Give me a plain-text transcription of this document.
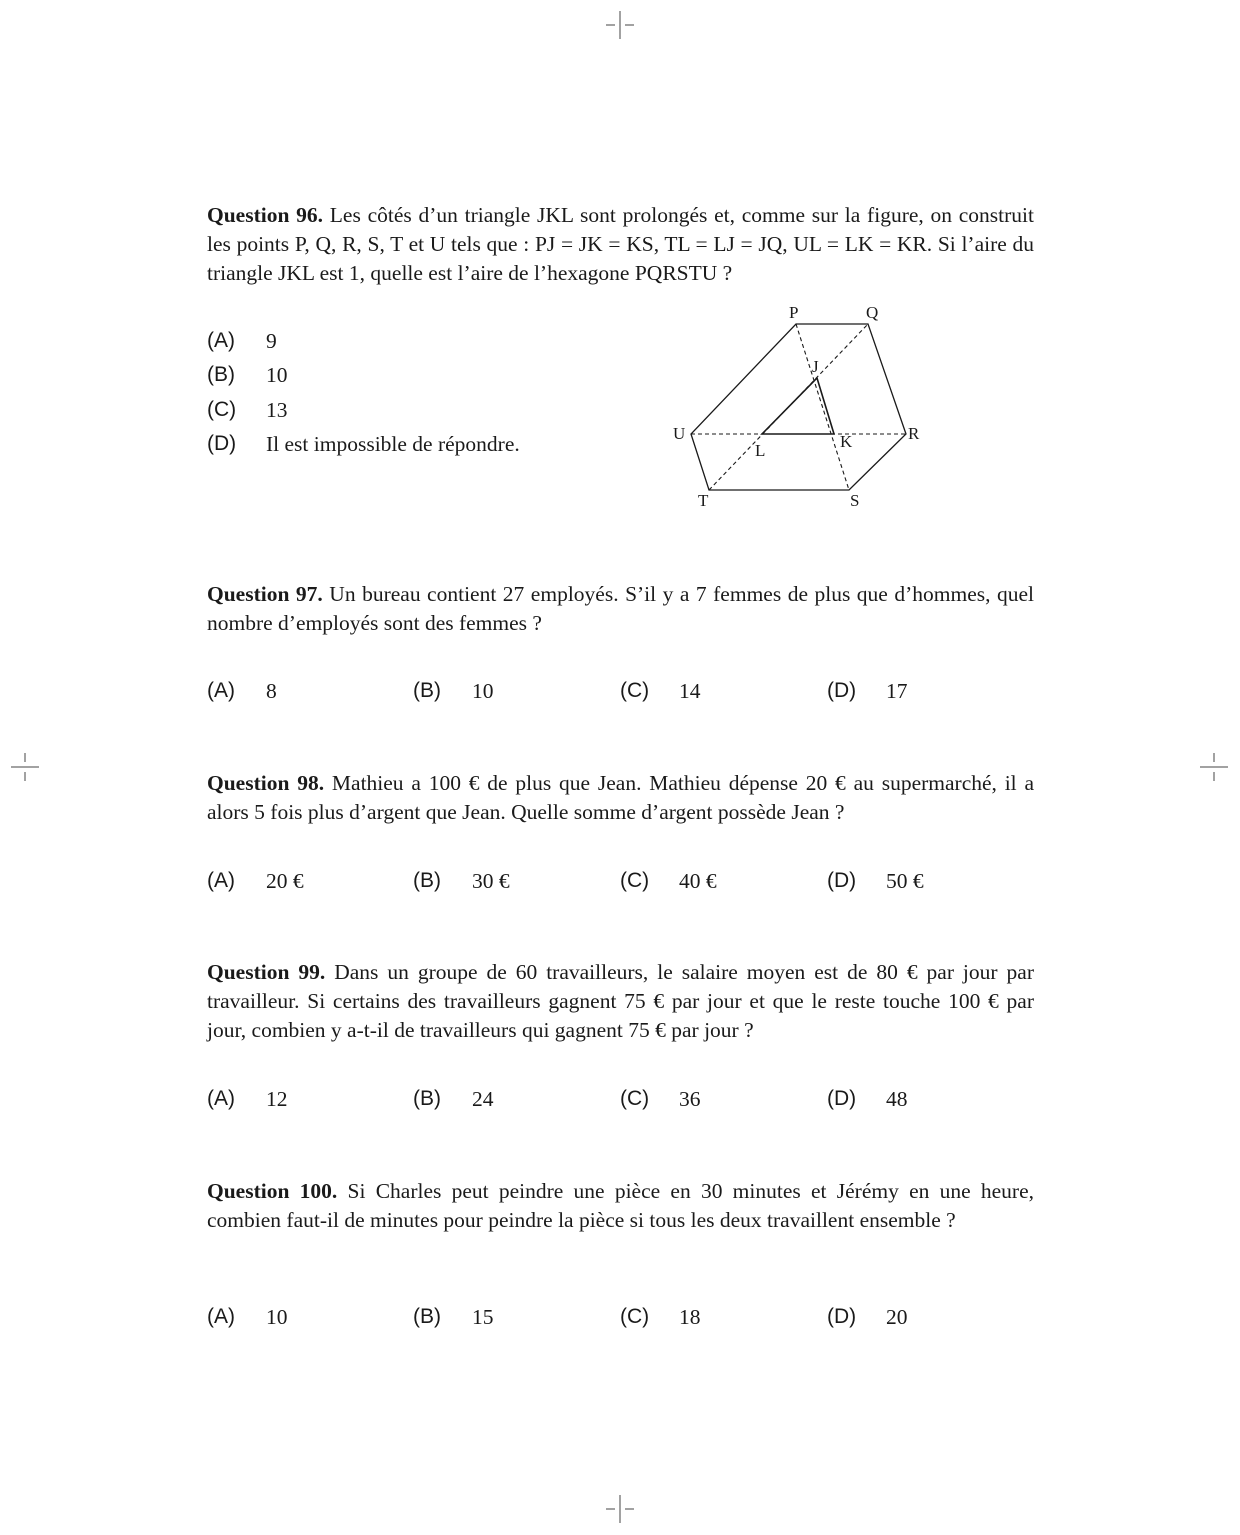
Question 96. Les côtés d’un triangle JKL sont prolongés et, comme sur la figure, on construit les points P, Q, R, S, T et U tels que : PJ = JK = KS, TL = LJ = JQ, UL = LK = KR. Si l’aire du triangle JKL est 1, quelle est l’aire de l’hexagone PQRSTU ?

(A) 9
(B) 10
(C) 13
(D) Il est impossible de répondre.
P	Q
R
S
T
U
J
K
L

Question 97. Un bureau contient 27 employés. S’il y a 7 femmes de plus que d’hommes, quel nombre d’employés sont des femmes ?

(A) 8	(B) 10	(C) 14	(D) 17

Question 98. Mathieu a 100 € de plus que Jean. Mathieu dépense 20 € au supermarché, il a alors 5 fois plus d’argent que Jean. Quelle somme d’argent possède Jean ?

(A) 20 €	(B) 30 €	(C) 40 €	(D) 50 €

Question 99. Dans un groupe de 60 travailleurs, le salaire moyen est de 80 € par jour par travailleur. Si certains des travailleurs gagnent 75 € par jour et que le reste touche 100 € par jour, combien y a-t-il de travailleurs qui gagnent 75 € par jour ?

(A) 12	(B) 24	(C) 36	(D) 48

Question 100. Si Charles peut peindre une pièce en 30 minutes et Jérémy en une heure, combien faut-il de minutes pour peindre la pièce si tous les deux travaillent ensemble ?

(A) 10	(B) 15	(C) 18	(D) 20
